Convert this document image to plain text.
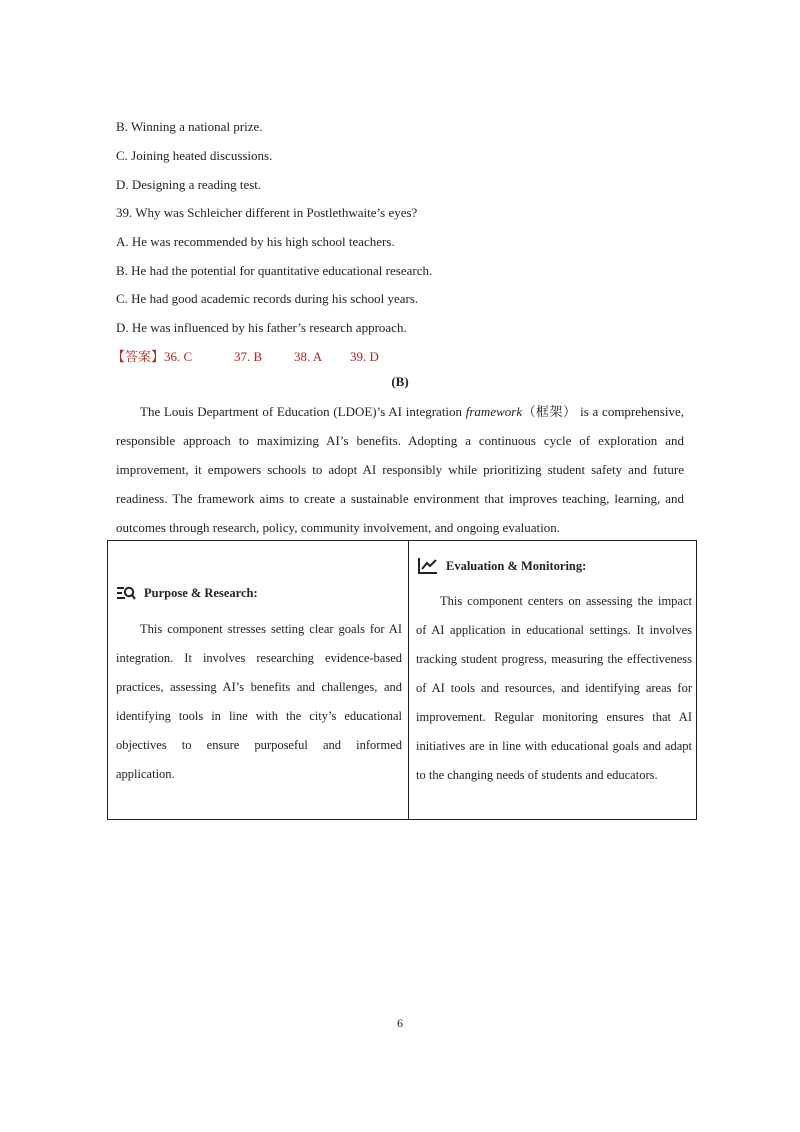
B. Winning a national prize.
C. Joining heated discussions.
D. Designing a reading test.
39. Why was Schleicher different in Postlethwaite’s eyes?
A. He was recommended by his high school teachers.
B. He had the potential for quantitative educational research.
C. He had good academic records during his school years.
D. He was influenced by his father’s research approach.
【答案】36. C	37. B 38. A 39. D
(B)
The Louis Department of Education (LDOE)’s AI integration framework（框架） is a comprehensive, responsible approach to maximizing AI’s benefits. Adopting a continuous cycle of exploration and improvement, it empowers schools to adopt AI responsibly while prioritizing student safety and future readiness. The framework aims to create a sustainable environment that improves teaching, learning, and outcomes through research, policy, community involvement, and ongoing evaluation.
Purpose & Research:
This component stresses setting clear goals for AI integration. It involves researching evidence-based practices, assessing AI’s benefits and challenges, and identifying tools in line with the city’s educational objectives to ensure purposeful and informed application.
Evaluation & Monitoring:
This component centers on assessing the impact of AI application in educational settings. It involves tracking student progress, measuring the effectiveness of AI tools and resources, and identifying areas for improvement. Regular monitoring ensures that AI initiatives are in line with educational goals and adapt to the changing needs of students and educators.
6
